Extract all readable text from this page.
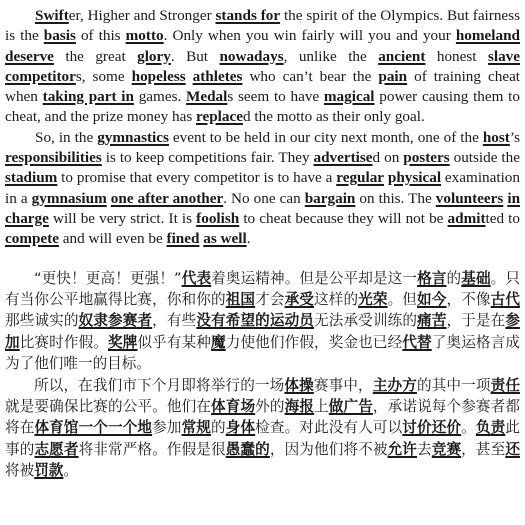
Swifter, Higher and Stronger stands for the spirit of the Olympics. But fairness is the basis of this motto. Only when you win fairly will you and your homeland deserve the great glory. But nowadays, unlike the ancient honest slave competitors, some hopeless athletes who can’t bear the pain of training cheat when taking part in games. Medals seem to have magical power causing them to cheat, and the prize money has replaced the motto as their only goal.

So, in the gymnastics event to be held in our city next month, one of the host’s responsibilities is to keep competitions fair. They advertised on posters outside the stadium to promise that every competitor is to have a regular physical examination in a gymnasium one after another. No one can bargain on this. The volunteers in charge will be very strict. It is foolish to cheat because they will not be admitted to compete and will even be fined as well.

“更快！更高！更强！”代表着奥运精神。但是公平却是这一格言的基础。只有当你公平地赢得比赛，你和你的祖国才会承受这样的光荣。但如今，不像古代那些诚实的奴隶参赛者，有些没有希望的运动员无法承受训练的痛苦，于是在参加比赛时作假。奖牌似乎有某种魔力使他们作假，奖金也已经代替了奥运格言成为了他们唯一的目标。

所以，在我们市下个月即将举行的一场体操赛事中，主办方的其中一项责任就是要确保比赛的公平。他们在体育场外的海报上做广告，承诺说每个参赛者都将在体育馆一个一个地参加常规的身体检查。对此没有人可以讨价还价。负责此事的志愿者将非常严格。作假是很愚蠢的，因为他们将不被允许去竞赛，甚至还将被罚款。
